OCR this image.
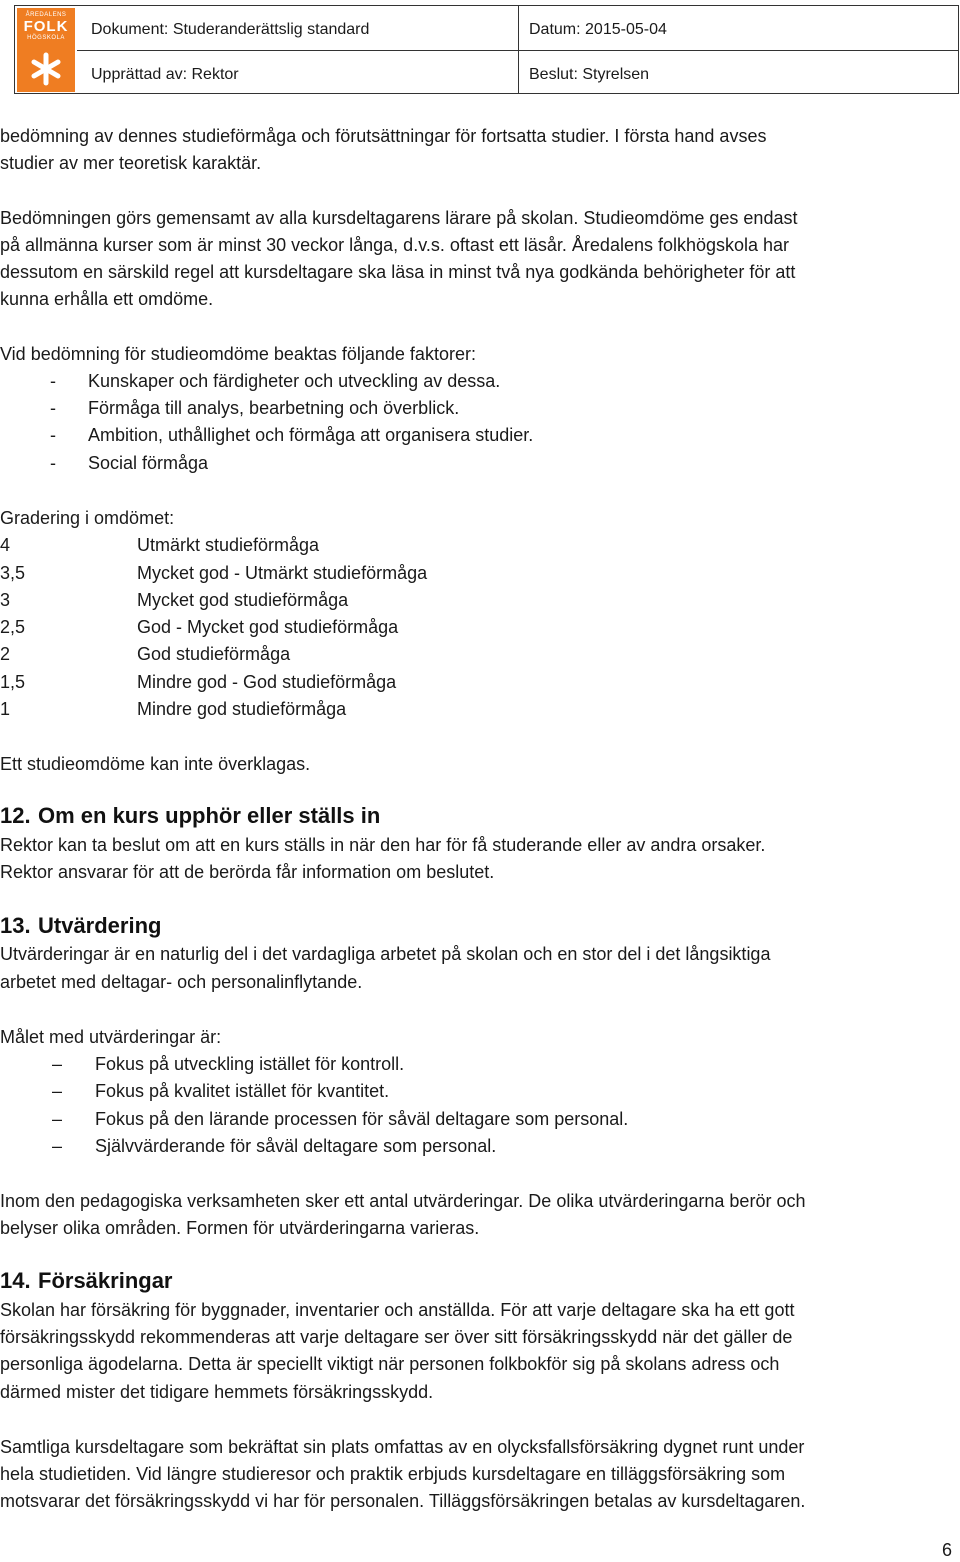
ÅREDALENS
FOLK
HÖGSKOLA	Dokument: Studeranderättslig standard	Datum: 2015-05-04
Upprättad av: Rektor	Beslut: Styrelsen
bedömning av dennes studieförmåga och förutsättningar för fortsatta studier. I första hand avses
studier av mer teoretisk karaktär.
Bedömningen görs gemensamt av alla kursdeltagarens lärare på skolan. Studieomdöme ges endast
på allmänna kurser som är minst 30 veckor långa, d.v.s. oftast ett läsår. Åredalens folkhögskola har
dessutom en särskild regel att kursdeltagare ska läsa in minst två nya godkända behörigheter för att
kunna erhålla ett omdöme.
Vid bedömning för studieomdöme beaktas följande faktorer:
- Kunskaper och färdigheter och utveckling av dessa.
- Förmåga till analys, bearbetning och överblick.
- Ambition, uthållighet och förmåga att organisera studier.
- Social förmåga
Gradering i omdömet:
4	Utmärkt studieförmåga
3,5	Mycket god - Utmärkt studieförmåga
3	Mycket god studieförmåga
2,5	God - Mycket god studieförmåga
2	God studieförmåga
1,5	Mindre god - God studieförmåga
1	Mindre god studieförmåga
Ett studieomdöme kan inte överklagas.
12. Om en kurs upphör eller ställs in
Rektor kan ta beslut om att en kurs ställs in när den har för få studerande eller av andra orsaker.
Rektor ansvarar för att de berörda får information om beslutet.
13. Utvärdering
Utvärderingar är en naturlig del i det vardagliga arbetet på skolan och en stor del i det långsiktiga
arbetet med deltagar- och personalinflytande.
Målet med utvärderingar är:
– Fokus på utveckling istället för kontroll.
– Fokus på kvalitet istället för kvantitet.
– Fokus på den lärande processen för såväl deltagare som personal.
– Självvärderande för såväl deltagare som personal.
Inom den pedagogiska verksamheten sker ett antal utvärderingar. De olika utvärderingarna berör och
belyser olika områden. Formen för utvärderingarna varieras.
14. Försäkringar
Skolan har försäkring för byggnader, inventarier och anställda. För att varje deltagare ska ha ett gott
försäkringsskydd rekommenderas att varje deltagare ser över sitt försäkringsskydd när det gäller de
personliga ägodelarna. Detta är speciellt viktigt när personen folkbokför sig på skolans adress och
därmed mister det tidigare hemmets försäkringsskydd.
Samtliga kursdeltagare som bekräftat sin plats omfattas av en olycksfallsförsäkring dygnet runt under
hela studietiden. Vid längre studieresor och praktik erbjuds kursdeltagare en tilläggsförsäkring som
motsvarar det försäkringsskydd vi har för personalen. Tilläggsförsäkringen betalas av kursdeltagaren.
6
